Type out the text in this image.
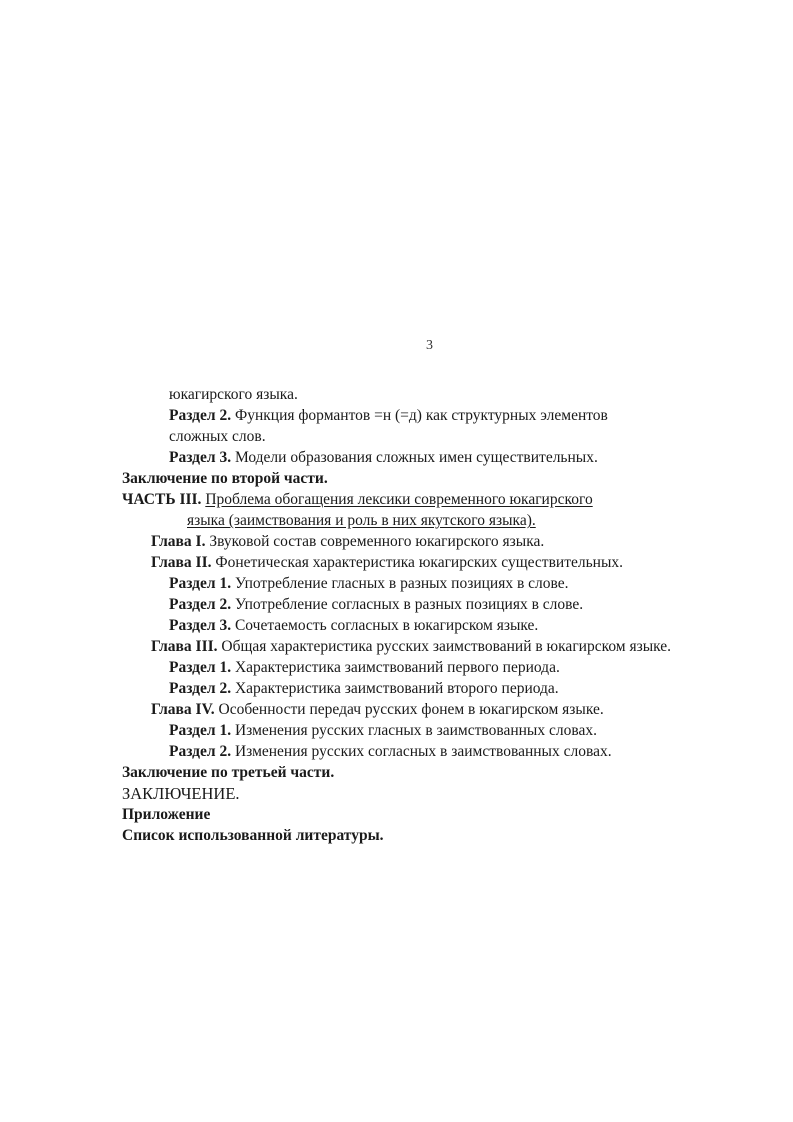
3
юкагирского языка.
Раздел 2. Функция формантов =н (=д) как структурных элементов
сложных слов.
Раздел 3. Модели образования сложных имен существительных.
Заключение по второй части.
ЧАСТЬ III. Проблема обогащения лексики современного юкагирского
языка (заимствования и роль в них якутского языка).
Глава I. Звуковой состав современного юкагирского языка.
Глава II. Фонетическая характеристика юкагирских существительных.
Раздел 1. Употребление гласных в разных позициях в слове.
Раздел 2. Употребление согласных в разных позициях в слове.
Раздел 3. Сочетаемость согласных в юкагирском языке.
Глава III. Общая характеристика русских заимствований в юкагирском языке.
Раздел 1. Характеристика заимствований первого периода.
Раздел 2. Характеристика заимствований второго периода.
Глава IV. Особенности передач русских фонем в юкагирском языке.
Раздел 1. Изменения русских гласных в заимствованных словах.
Раздел 2. Изменения русских согласных в заимствованных словах.
Заключение по третьей части.
ЗАКЛЮЧЕНИЕ.
Приложение
Список использованной литературы.
